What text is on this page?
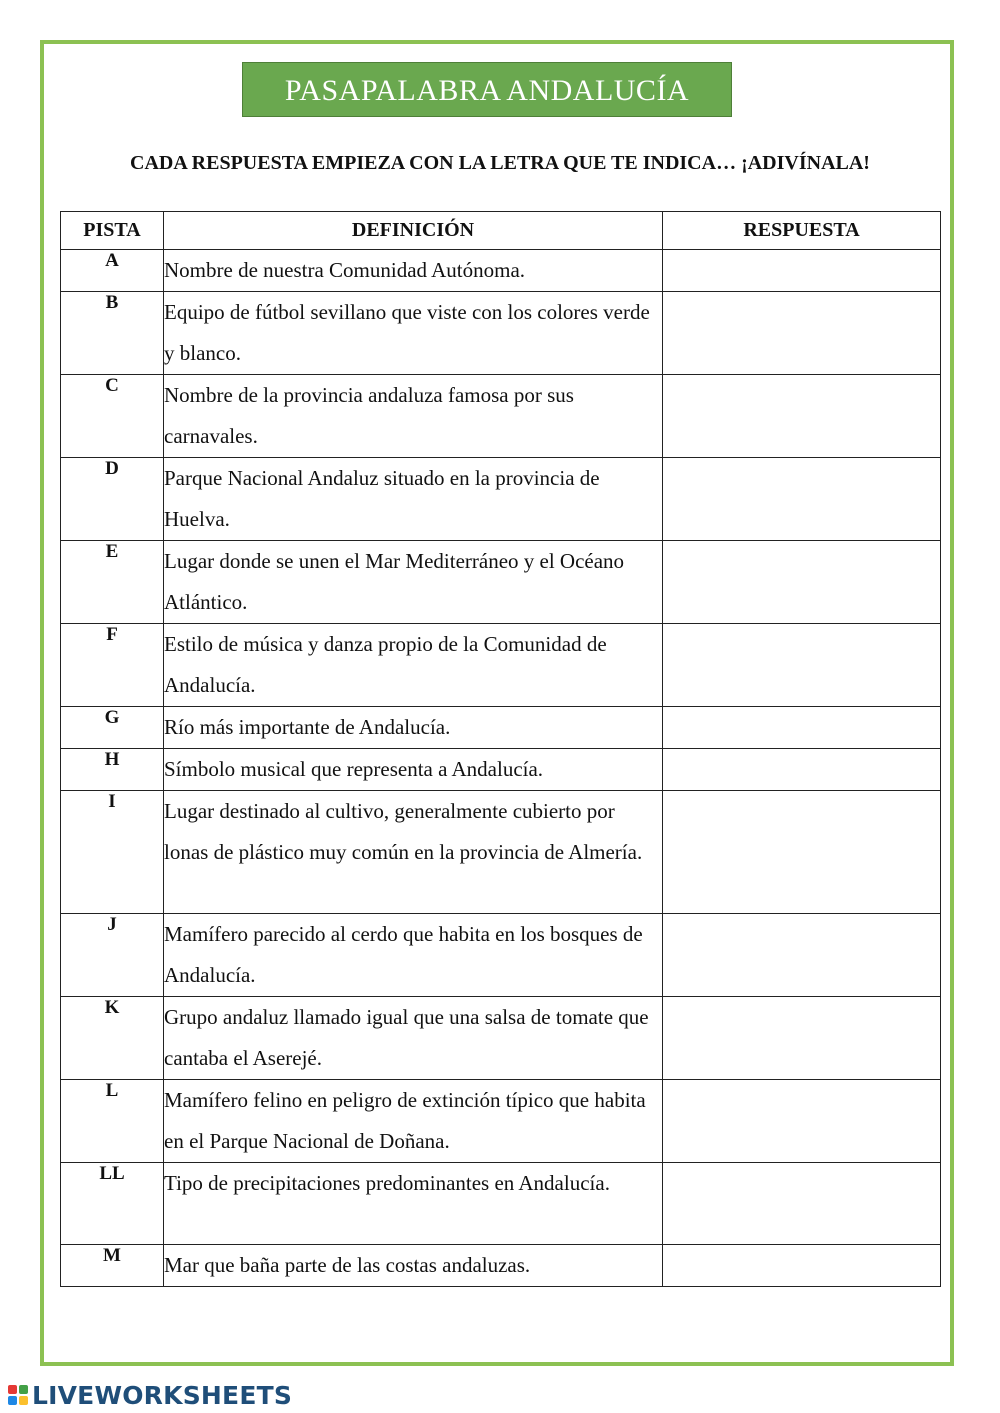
PASAPALABRA ANDALUCÍA
CADA RESPUESTA EMPIEZA CON LA LETRA QUE TE INDICA… ¡ADIVÍNALA!
PISTA	DEFINICIÓN	RESPUESTA
A	Nombre de nuestra Comunidad Autónoma.	
B	Equipo de fútbol sevillano que viste con los colores verde y blanco.	
C	Nombre de la provincia andaluza famosa por sus carnavales.	
D	Parque Nacional Andaluz situado en la provincia de Huelva.	
E	Lugar donde se unen el Mar Mediterráneo y el Océano Atlántico.	
F	Estilo de música y danza propio de la Comunidad de Andalucía.	
G	Río más importante de Andalucía.	
H	Símbolo musical que representa a Andalucía.	
I	Lugar destinado al cultivo, generalmente cubierto por lonas de plástico muy común en la provincia de Almería.	
J	Mamífero parecido al cerdo que habita en los bosques de Andalucía.	
K	Grupo andaluz llamado igual que una salsa de tomate que cantaba el Aserejé.	
L	Mamífero felino en peligro de extinción típico que habita en el Parque Nacional de Doñana.	
LL	Tipo de precipitaciones predominantes en Andalucía.	
M	Mar que baña parte de las costas andaluzas.	
LIVEWORKSHEETS
